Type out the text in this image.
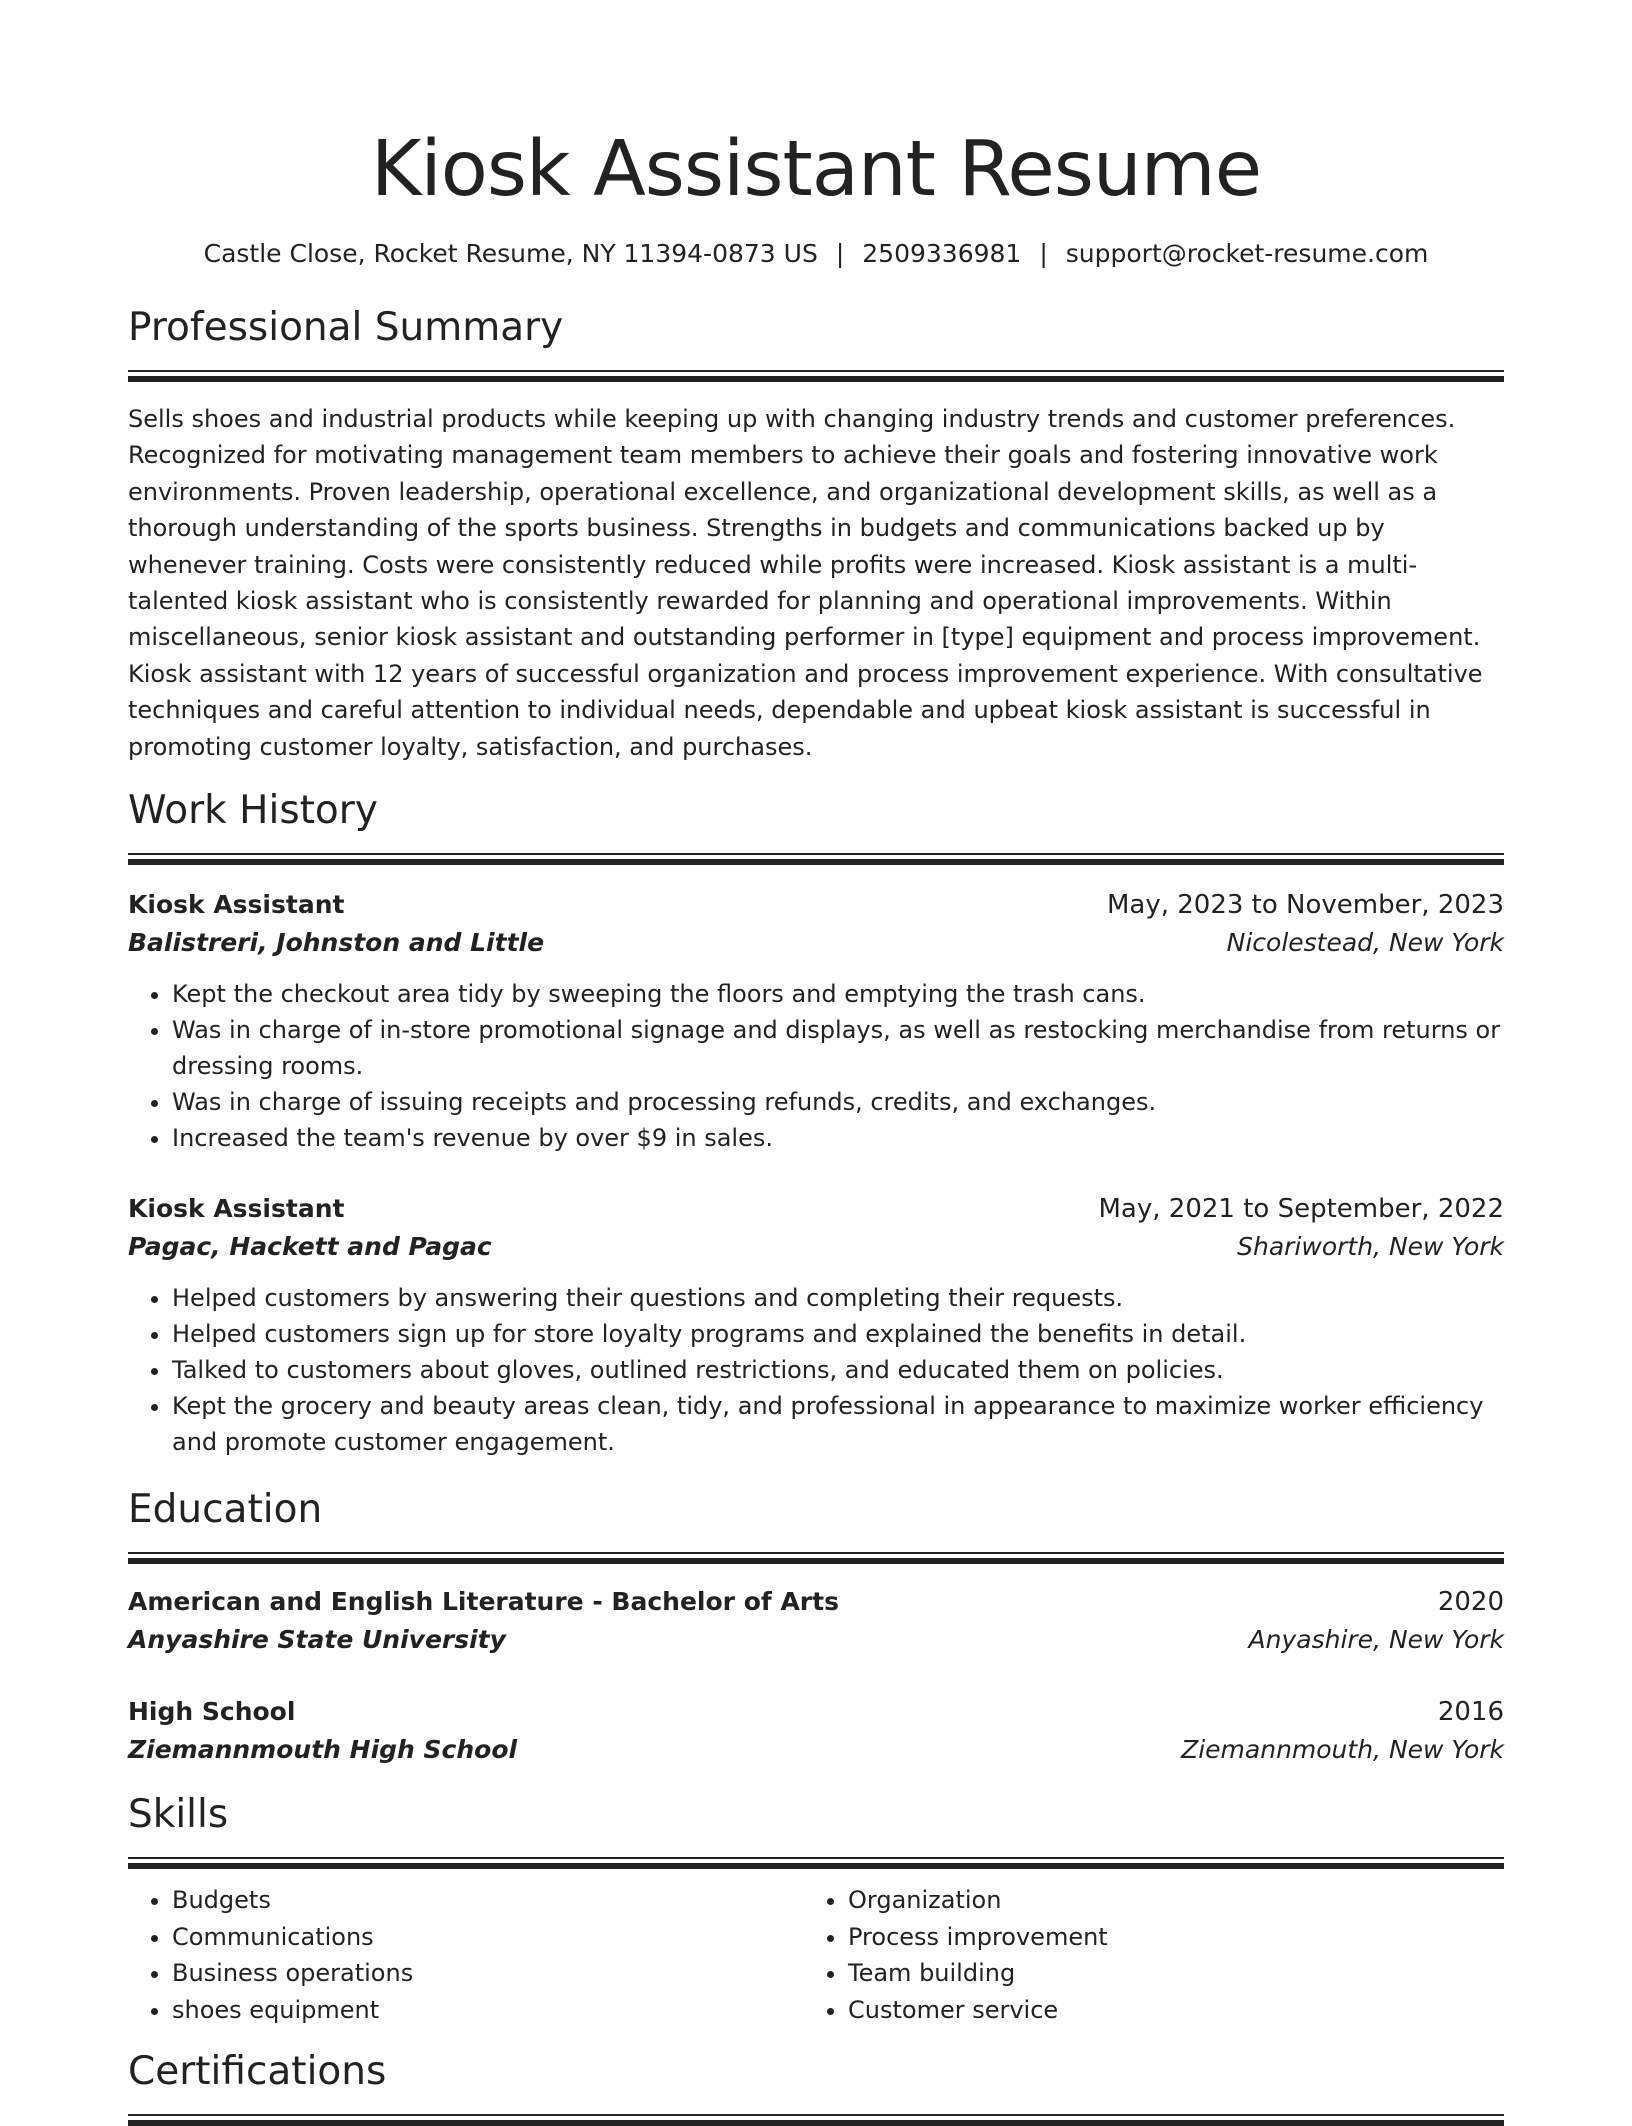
Kiosk Assistant Resume
Castle Close, Rocket Resume, NY 11394-0873 US | 2509336981 | support@rocket-resume.com
Professional Summary

Sells shoes and industrial products while keeping up with changing industry trends and customer preferences. Recognized for motivating management team members to achieve their goals and fostering innovative work environments. Proven leadership, operational excellence, and organizational development skills, as well as a thorough understanding of the sports business. Strengths in budgets and communications backed up by whenever training. Costs were consistently reduced while profits were increased. Kiosk assistant is a multi-talented kiosk assistant who is consistently rewarded for planning and operational improvements. Within miscellaneous, senior kiosk assistant and outstanding performer in [type] equipment and process improvement. Kiosk assistant with 12 years of successful organization and process improvement experience. With consultative techniques and careful attention to individual needs, dependable and upbeat kiosk assistant is successful in promoting customer loyalty, satisfaction, and purchases.

Work History
Kiosk Assistant	May, 2023 to November, 2023
Balistreri, Johnston and Little	Nicolestead, New York
• Kept the checkout area tidy by sweeping the floors and emptying the trash cans.
• Was in charge of in-store promotional signage and displays, as well as restocking merchandise from returns or dressing rooms.
• Was in charge of issuing receipts and processing refunds, credits, and exchanges.
• Increased the team's revenue by over $9 in sales.
Kiosk Assistant	May, 2021 to September, 2022
Pagac, Hackett and Pagac	Shariworth, New York
• Helped customers by answering their questions and completing their requests.
• Helped customers sign up for store loyalty programs and explained the benefits in detail.
• Talked to customers about gloves, outlined restrictions, and educated them on policies.
• Kept the grocery and beauty areas clean, tidy, and professional in appearance to maximize worker efficiency and promote customer engagement.
Education
American and English Literature - Bachelor of Arts	2020
Anyashire State University	Anyashire, New York
High School	2016
Ziemannmouth High School	Ziemannmouth, New York
Skills
• Budgets
• Communications
• Business operations
• shoes equipment
• Organization
• Process improvement
• Team building
• Customer service
Certifications
